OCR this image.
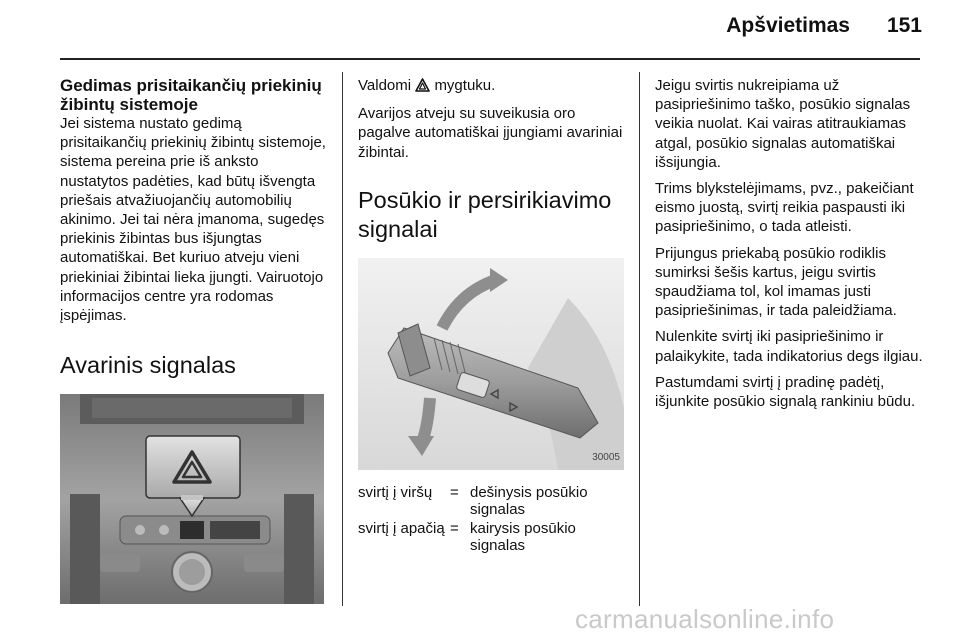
Apšvietimas	151
Gedimas prisitaikančių priekinių žibintų sistemoje

Jei sistema nustato gedimą prisitaikančių priekinių žibintų sistemoje, sistema pereina prie iš anksto nustatytos padėties, kad būtų išvengta priešais atvažiuojančių automobilių akinimo. Jei tai nėra įmanoma, sugedęs priekinis žibintas bus išjungtas automatiškai. Bet kuriuo atveju vieni priekiniai žibintai lieka įjungti. Vairuotojo informacijos centre yra rodomas įspėjimas.

Avarinis signalas

Valdomi mygtuku.

Avarijos atveju su suveikusia oro pagalve automatiškai įjungiami avariniai žibintai.

Posūkio ir persirikiavimo signalai
30005
svirtį į viršų	= dešinysis posūkio signalas
svirtį į apačią = kairysis posūkio signalas

Jeigu svirtis nukreipiama už pasipriešinimo taško, posūkio signalas veikia nuolat. Kai vairas atitraukiamas atgal, posūkio signalas automatiškai išsijungia.

Trims blykstelėjimams, pvz., pakeičiant eismo juostą, svirtį reikia paspausti iki pasipriešinimo, o tada atleisti.

Prijungus priekabą posūkio rodiklis sumirksi šešis kartus, jeigu svirtis spaudžiama tol, kol imamas justi pasipriešinimas, ir tada paleidžiama.

Nulenkite svirtį iki pasipriešinimo ir palaikykite, tada indikatorius degs ilgiau.

Pastumdami svirtį į pradinę padėtį, išjunkite posūkio signalą rankiniu būdu.

carmanualsonline.info
